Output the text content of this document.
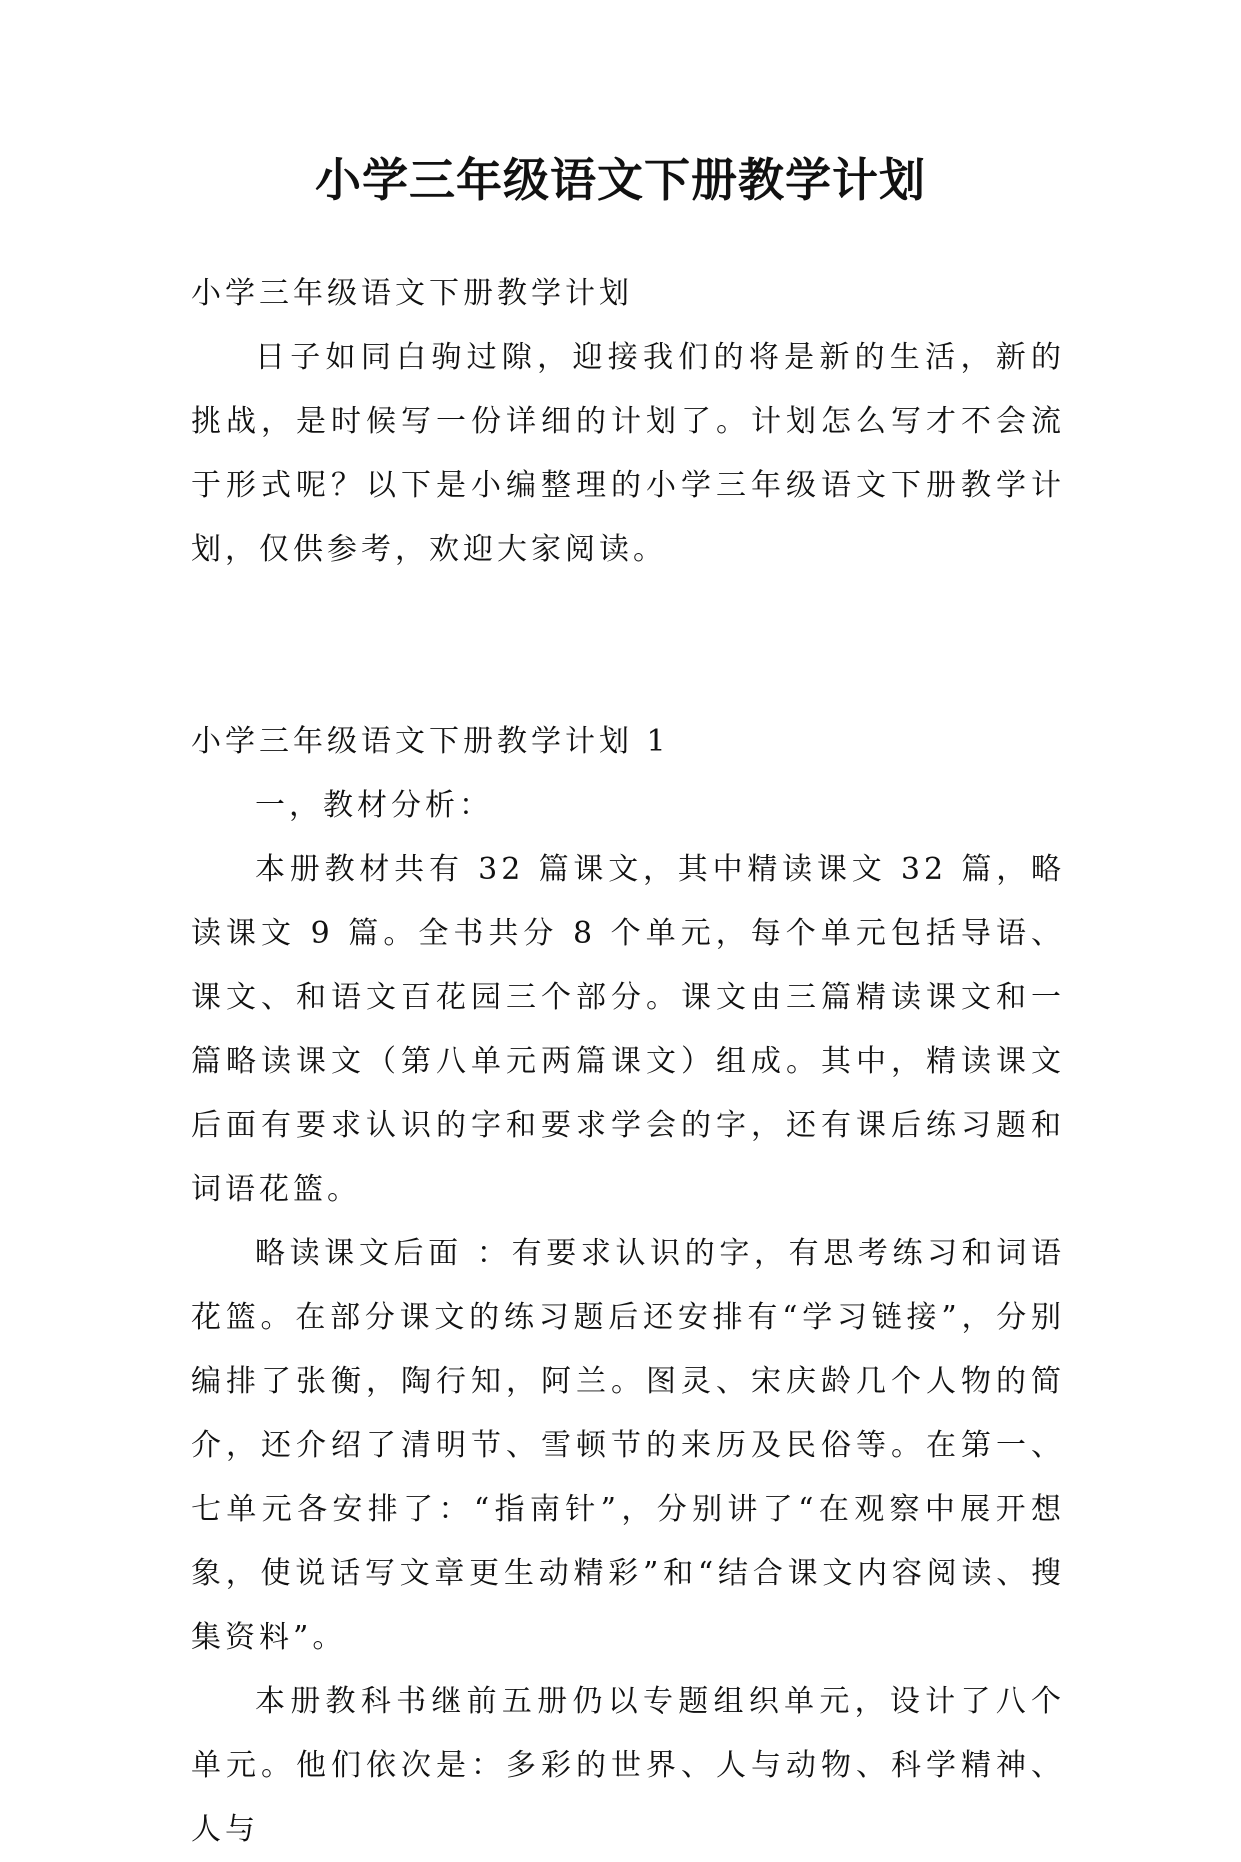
小学三年级语文下册教学计划

小学三年级语文下册教学计划

日子如同白驹过隙，迎接我们的将是新的生活，新的挑战，是时候写一份详细的计划了。计划怎么写才不会流于形式呢？以下是小编整理的小学三年级语文下册教学计划，仅供参考，欢迎大家阅读。

小学三年级语文下册教学计划 1

一，教材分析：

本册教材共有 32 篇课文，其中精读课文 32 篇，略读课文 9 篇。全书共分 8 个单元，每个单元包括导语、课文、和语文百花园三个部分。课文由三篇精读课文和一篇略读课文（第八单元两篇课文）组成。其中，精读课文后面有要求认识的字和要求学会的字，还有课后练习题和词语花篮。

略读课文后面 ：有要求认识的字，有思考练习和词语花篮。在部分课文的练习题后还安排有“学习链接”，分别编排了张衡，陶行知，阿兰。图灵、宋庆龄几个人物的简介，还介绍了清明节、雪顿节的来历及民俗等。在第一、七单元各安排了：“指南针”，分别讲了“在观察中展开想象，使说话写文章更生动精彩”和“结合课文内容阅读、搜集资料”。

本册教科书继前五册仍以专题组织单元，设计了八个单元。他们依次是：多彩的世界、人与动物、科学精神、人与
